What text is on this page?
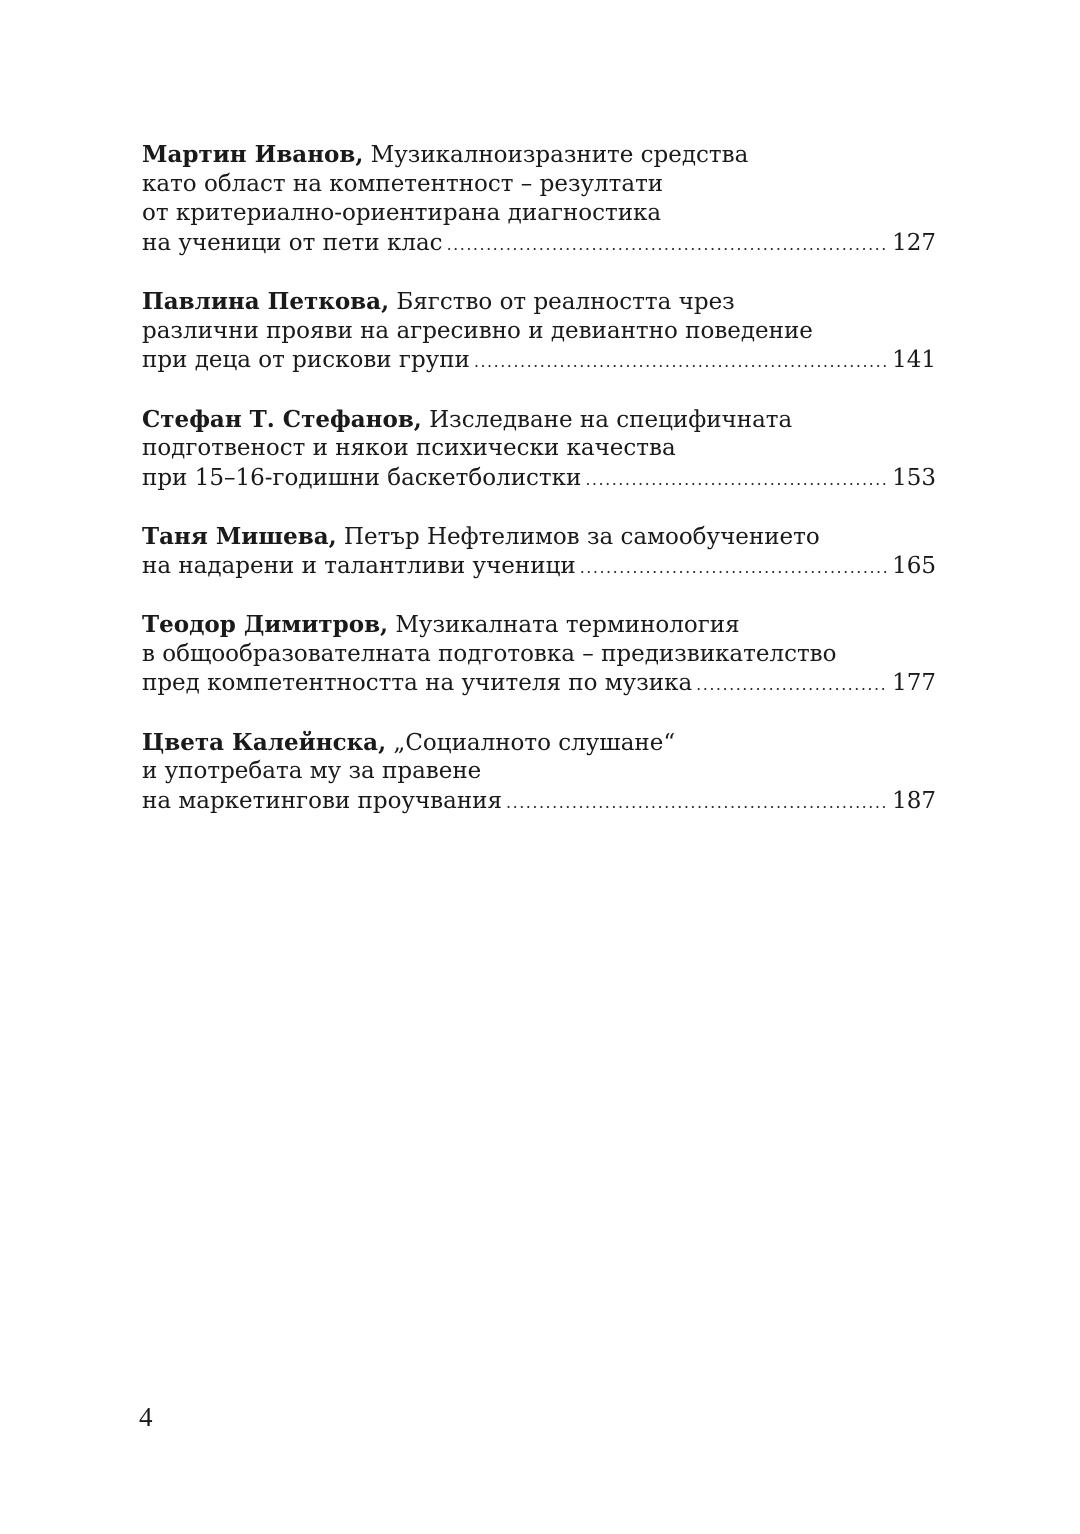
Мартин Иванов, Музикалноизразните средства
като област на компетентност – резултати
от критериално-ориентирана диагностика
на ученици от пети клас .....	127
Павлина Петкова, Бягство от реалността чрез
различни прояви на агресивно и девиантно поведение
при деца от рискови групи .....	141
Стефан Т. Стефанов, Изследване на специфичната
подготвеност и някои психически качества
при 15–16-годишни баскетболистки .....	153
Таня Мишева, Петър Нефтелимов за самообучението
на надарени и талантливи ученици .....	165
Теодор Димитров, Музикалната терминология
в общообразователната подготовка – предизвикателство
пред компетентността на учителя по музика .....	177
Цвета Калейнска, „Социалното слушане“
и употребата му за правене
на маркетингови проучвания .....	187
4
